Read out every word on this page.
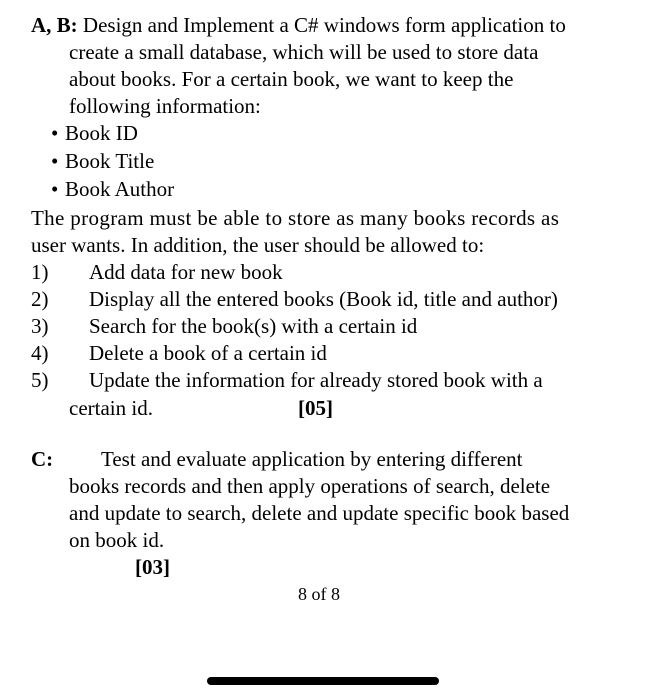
A, B: Design and Implement a C# windows form application to
create a small database, which will be used to store data
about books. For a certain book, we want to keep the
following information:
• Book ID
• Book Title
• Book Author
The program must be able to store as many books records as
user wants. In addition, the user should be allowed to:
1) Add data for new book
2) Display all the entered books (Book id, title and author)
3) Search for the book(s) with a certain id
4) Delete a book of a certain id
5) Update the information for already stored book with a
certain id.	[05]
C: Test and evaluate application by entering different
books records and then apply operations of search, delete
and update to search, delete and update specific book based
on book id.
[03]
8 of 8
